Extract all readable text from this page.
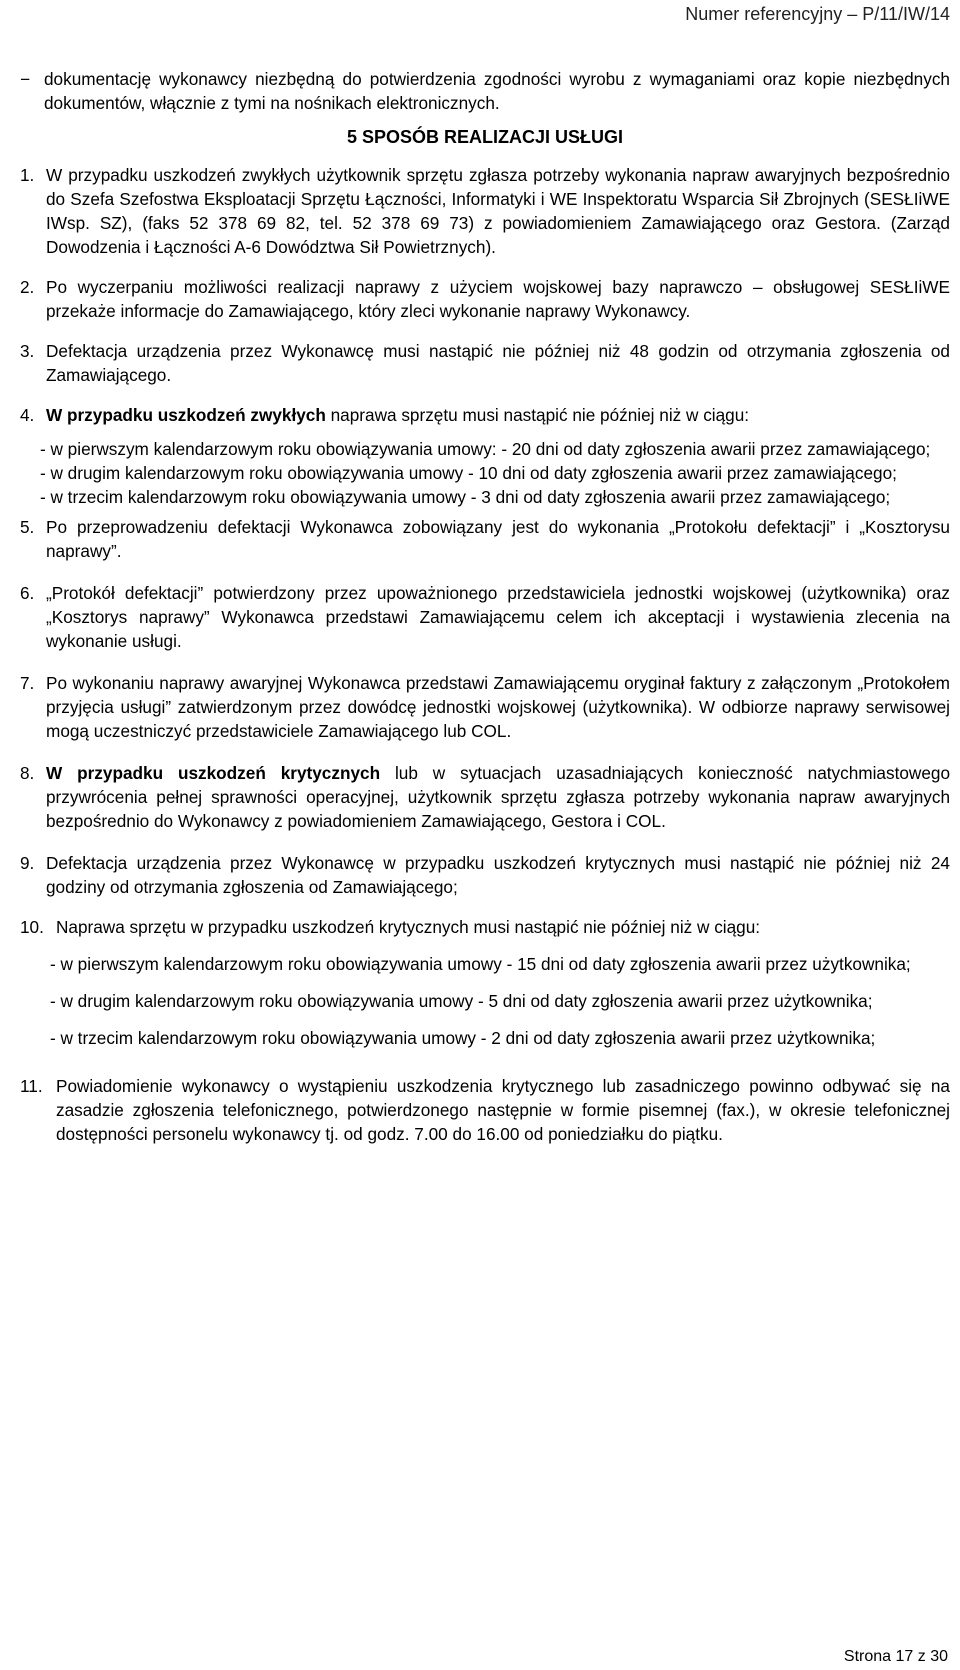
Numer referencyjny – P/11/IW/14
− dokumentację wykonawcy niezbędną do potwierdzenia zgodności wyrobu z wymaganiami oraz kopie niezbędnych dokumentów, włącznie z tymi na nośnikach elektronicznych.
5 SPOSÓB REALIZACJI USŁUGI
1. W przypadku uszkodzeń zwykłych użytkownik sprzętu zgłasza potrzeby wykonania napraw awaryjnych bezpośrednio do Szefa Szefostwa Eksploatacji Sprzętu Łączności, Informatyki i WE Inspektoratu Wsparcia Sił Zbrojnych (SESŁIiWE IWsp. SZ), (faks 52 378 69 82, tel. 52 378 69 73) z powiadomieniem Zamawiającego oraz Gestora. (Zarząd Dowodzenia i Łączności A-6 Dowództwa Sił Powietrznych).
2. Po wyczerpaniu możliwości realizacji naprawy z użyciem wojskowej bazy naprawczo – obsługowej SESŁIiWE przekaże informacje do Zamawiającego, który zleci wykonanie naprawy Wykonawcy.
3. Defektacja urządzenia przez Wykonawcę musi nastąpić nie później niż 48 godzin od otrzymania zgłoszenia od Zamawiającego.
4. W przypadku uszkodzeń zwykłych naprawa sprzętu musi nastąpić nie później niż w ciągu:
- w pierwszym kalendarzowym roku obowiązywania umowy: - 20 dni od daty zgłoszenia awarii przez zamawiającego;
- w drugim kalendarzowym roku obowiązywania umowy - 10 dni od daty zgłoszenia awarii przez zamawiającego;
- w trzecim kalendarzowym roku obowiązywania umowy - 3 dni od daty zgłoszenia awarii przez zamawiającego;
5. Po przeprowadzeniu defektacji Wykonawca zobowiązany jest do wykonania „Protokołu defektacji” i „Kosztorysu naprawy”.
6. „Protokół defektacji” potwierdzony przez upoważnionego przedstawiciela jednostki wojskowej (użytkownika) oraz „Kosztorys naprawy” Wykonawca przedstawi Zamawiającemu celem ich akceptacji i wystawienia zlecenia na wykonanie usługi.
7. Po wykonaniu naprawy awaryjnej Wykonawca przedstawi Zamawiającemu oryginał faktury z załączonym „Protokołem przyjęcia usługi” zatwierdzonym przez dowódcę jednostki wojskowej (użytkownika). W odbiorze naprawy serwisowej mogą uczestniczyć przedstawiciele Zamawiającego lub COL.
8. W przypadku uszkodzeń krytycznych lub w sytuacjach uzasadniających konieczność natychmiastowego przywrócenia pełnej sprawności operacyjnej, użytkownik sprzętu zgłasza potrzeby wykonania napraw awaryjnych bezpośrednio do Wykonawcy z powiadomieniem Zamawiającego, Gestora i COL.
9. Defektacja urządzenia przez Wykonawcę w przypadku uszkodzeń krytycznych musi nastąpić nie później niż 24 godziny od otrzymania zgłoszenia od Zamawiającego;
10. Naprawa sprzętu w przypadku uszkodzeń krytycznych musi nastąpić nie później niż w ciągu:
- w pierwszym kalendarzowym roku obowiązywania umowy - 15 dni od daty zgłoszenia awarii przez użytkownika;
- w drugim kalendarzowym roku obowiązywania umowy - 5 dni od daty zgłoszenia awarii przez użytkownika;
- w trzecim kalendarzowym roku obowiązywania umowy - 2 dni od daty zgłoszenia awarii przez użytkownika;
11. Powiadomienie wykonawcy o wystąpieniu uszkodzenia krytycznego lub zasadniczego powinno odbywać się na zasadzie zgłoszenia telefonicznego, potwierdzonego następnie w formie pisemnej (fax.), w okresie telefonicznej dostępności personelu wykonawcy tj. od godz. 7.00 do 16.00 od poniedziałku do piątku.
Strona 17 z 30
